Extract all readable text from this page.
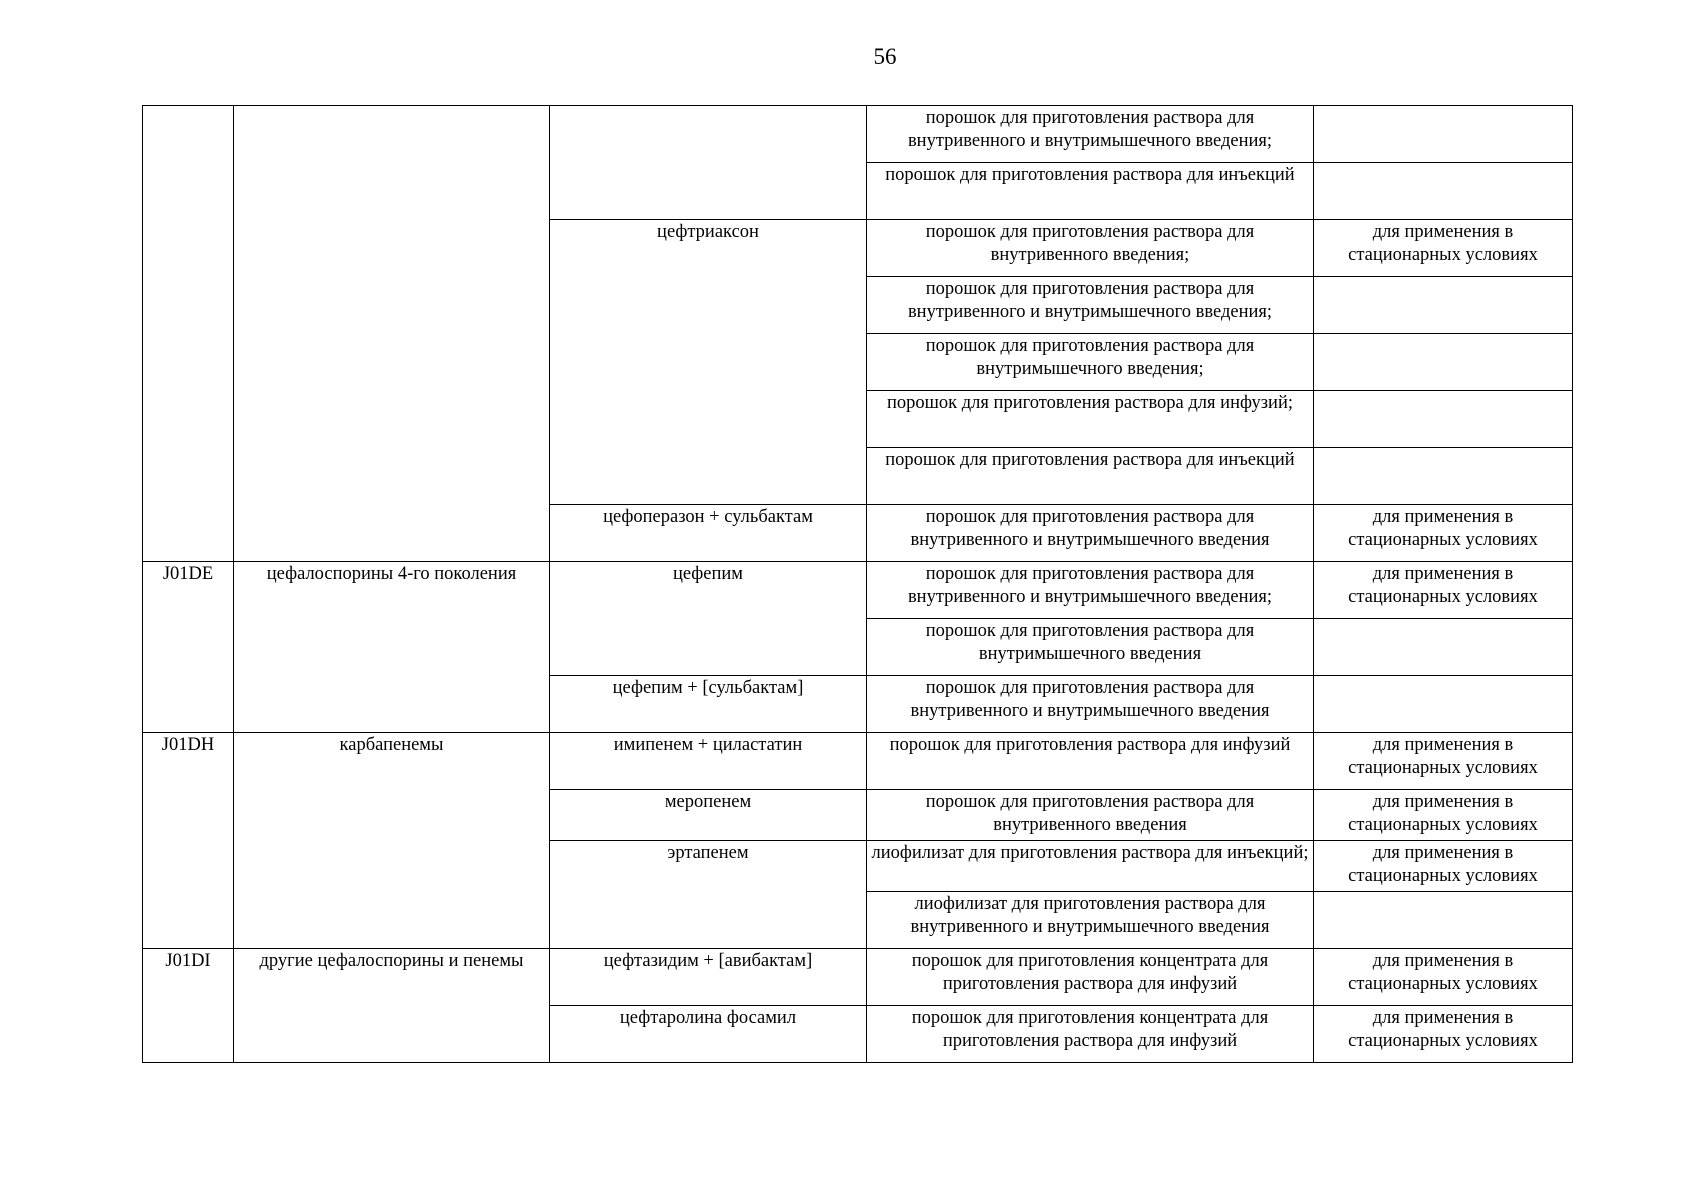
56
			порошок для приготовления раствора для внутривенного и внутримышечного введения;	
			порошок для приготовления раствора для инъекций	
		цефтриаксон	порошок для приготовления раствора для внутривенного введения;	для применения в стационарных условиях
			порошок для приготовления раствора для внутривенного и внутримышечного введения;	
			порошок для приготовления раствора для внутримышечного введения;	
			порошок для приготовления раствора для инфузий;	
			порошок для приготовления раствора для инъекций	
		цефоперазон + сульбактам	порошок для приготовления раствора для внутривенного и внутримышечного введения	для применения в стационарных условиях
J01DE	цефалоспорины 4-го поколения	цефепим	порошок для приготовления раствора для внутривенного и внутримышечного введения;	для применения в стационарных условиях
			порошок для приготовления раствора для внутримышечного введения	
		цефепим + [сульбактам]	порошок для приготовления раствора для внутривенного и внутримышечного введения	
J01DH	карбапенемы	имипенем + циластатин	порошок для приготовления раствора для инфузий	для применения в стационарных условиях
		меропенем	порошок для приготовления раствора для внутривенного введения	для применения в стационарных условиях
		эртапенем	лиофилизат для приготовления раствора для инъекций;	для применения в стационарных условиях
			лиофилизат для приготовления раствора для внутривенного и внутримышечного введения	
J01DI	другие цефалоспорины и пенемы	цефтазидим + [авибактам]	порошок для приготовления концентрата для приготовления раствора для инфузий	для применения в стационарных условиях
		цефтаролина фосамил	порошок для приготовления концентрата для приготовления раствора для инфузий	для применения в стационарных условиях
